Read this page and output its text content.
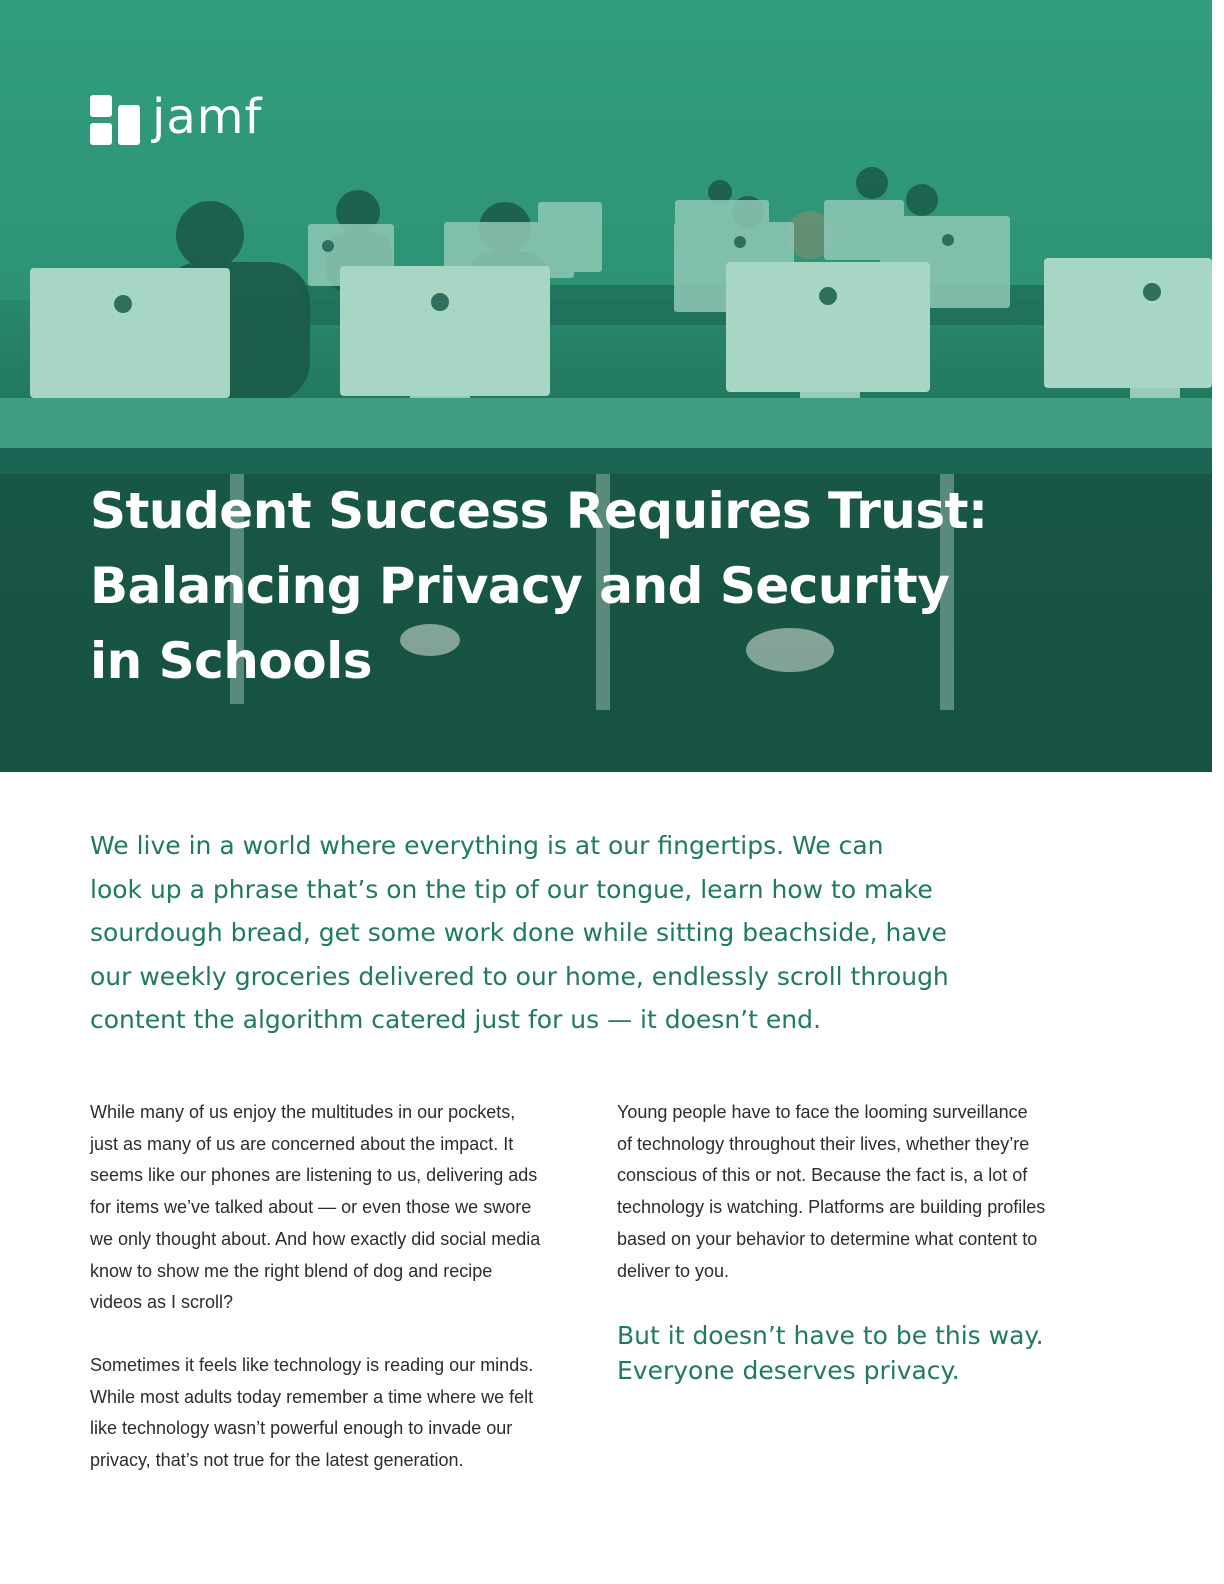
jamf
Student Success Requires Trust:
Balancing Privacy and Security
in Schools

We live in a world where everything is at our fingertips. We can
look up a phrase that’s on the tip of our tongue, learn how to make
sourdough bread, get some work done while sitting beachside, have
our weekly groceries delivered to our home, endlessly scroll through
content the algorithm catered just for us — it doesn’t end.

While many of us enjoy the multitudes in our pockets,
just as many of us are concerned about the impact. It
seems like our phones are listening to us, delivering ads
for items we’ve talked about — or even those we swore
we only thought about. And how exactly did social media
know to show me the right blend of dog and recipe
videos as I scroll?

Sometimes it feels like technology is reading our minds.
While most adults today remember a time where we felt
like technology wasn’t powerful enough to invade our
privacy, that’s not true for the latest generation.

Young people have to face the looming surveillance
of technology throughout their lives, whether they’re
conscious of this or not. Because the fact is, a lot of
technology is watching. Platforms are building profiles
based on your behavior to determine what content to
deliver to you.

But it doesn’t have to be this way.
Everyone deserves privacy.
